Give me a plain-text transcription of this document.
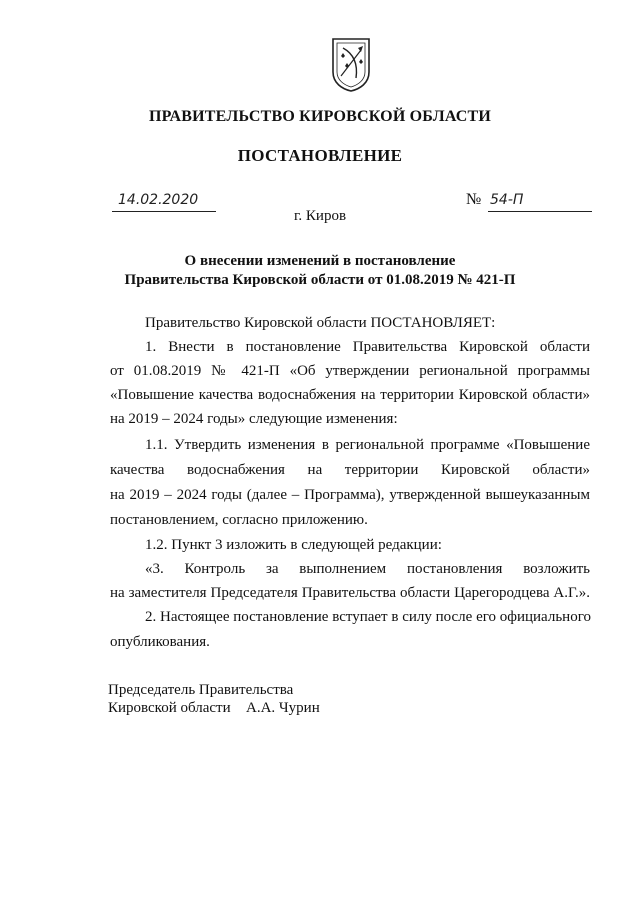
ПРАВИТЕЛЬСТВО КИРОВСКОЙ ОБЛАСТИ
ПОСТАНОВЛЕНИЕ
14.02.2020	№ 54-П
г. Киров
О внесении изменений в постановление
Правительства Кировской области от 01.08.2019 № 421-П
Правительство Кировской области ПОСТАНОВЛЯЕТ:
1. Внести в постановление Правительства Кировской области
от 01.08.2019 № 421-П «Об утверждении региональной программы
«Повышение качества водоснабжения на территории Кировской области»
на 2019 – 2024 годы» следующие изменения:
1.1. Утвердить изменения в региональной программе «Повышение
качества водоснабжения на территории Кировской области»
на 2019 – 2024 годы (далее – Программа), утвержденной вышеуказанным
постановлением, согласно приложению.
1.2. Пункт 3 изложить в следующей редакции:
«3. Контроль за выполнением постановления возложить
на заместителя Председателя Правительства области Царегородцева А.Г.».
2. Настоящее постановление вступает в силу после его официального
опубликования.
Председатель Правительства
Кировской области А.А. Чурин
